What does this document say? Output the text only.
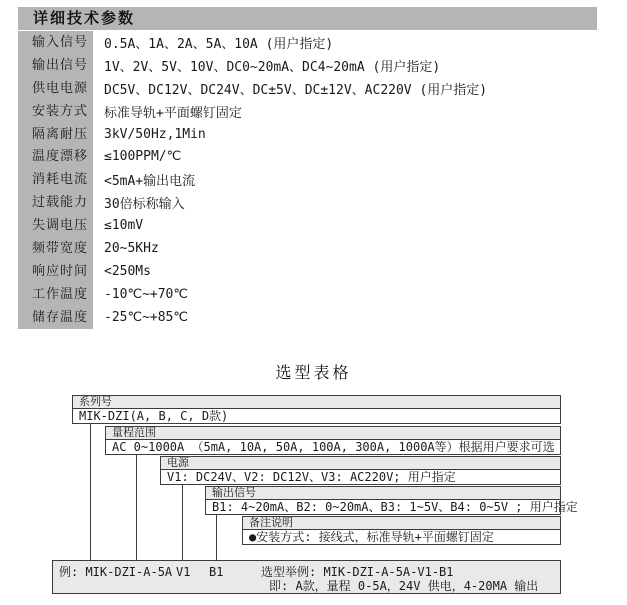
详细技术参数
输入信号	0.5A、1A、2A、5A、10A (用户指定)
输出信号	1V、2V、5V、10V、DC0~20mA、DC4~20mA (用户指定)
供电电源	DC5V、DC12V、DC24V、DC±5V、DC±12V、AC220V (用户指定)
安装方式	标准导轨+平面螺钉固定
隔离耐压	3kV/50Hz,1Min
温度漂移	≤100PPM/℃
消耗电流	<5mA+输出电流
过载能力	30倍标称输入
失调电压	≤10mV
频带宽度	20~5KHz
响应时间	<250Ms
工作温度	-10℃~+70℃
储存温度	-25℃~+85℃
选型表格
系列号
MIK-DZI(A, B, C, D款)
量程范围
AC 0~1000A （5mA, 10A, 50A, 100A, 300A, 1000A等）根据用户要求可选
电源
V1: DC24V、V2: DC12V、V3: AC220V; 用户指定
输出信号
B1: 4~20mA、B2: 0~20mA、B3: 1~5V、B4: 0~5V ; 用户指定
备注说明
●安装方式: 接线式，标准导轨+平面螺钉固定
例: MIK-DZI-A-5A V1 B1	选型举例: MIK-DZI-A-5A-V1-B1
即: A款，量程 0-5A，24V 供电，4-20MA 输出
